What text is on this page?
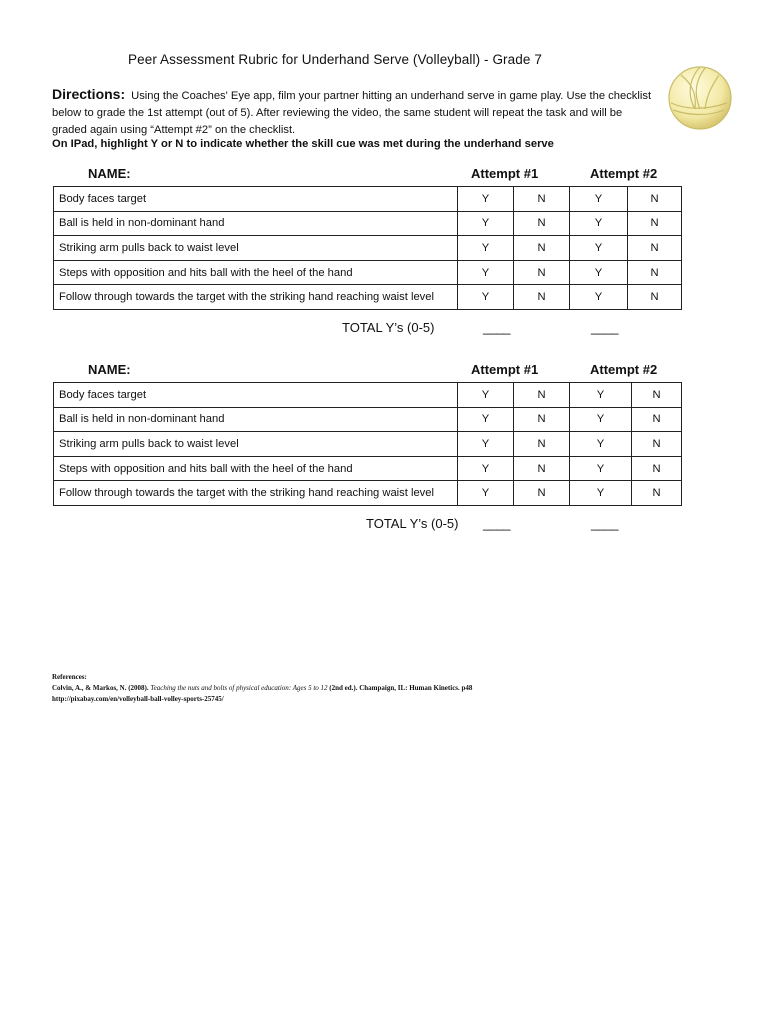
Peer Assessment Rubric for Underhand Serve (Volleyball) - Grade 7
Directions: Using the Coaches' Eye app, film your partner hitting an underhand serve in game play. Use the checklist below to grade the 1st attempt (out of 5). After reviewing the video, the same student will repeat the task and will be graded again using “Attempt #2” on the checklist.
On IPad, highlight Y or N to indicate whether the skill cue was met during the underhand serve
NAME:	Attempt #1	Attempt #2
Body faces target	Y	N	Y	N
Ball is held in non-dominant hand	Y	N	Y	N
Striking arm pulls back to waist level	Y	N	Y	N
Steps with opposition and hits ball with the heel of the hand	Y	N	Y	N
Follow through towards the target with the striking hand reaching waist level	Y	N	Y	N
TOTAL Y’s (0-5)	____	____
NAME:	Attempt #1	Attempt #2
Body faces target	Y	N	Y	N
Ball is held in non-dominant hand	Y	N	Y	N
Striking arm pulls back to waist level	Y	N	Y	N
Steps with opposition and hits ball with the heel of the hand	Y	N	Y	N
Follow through towards the target with the striking hand reaching waist level	Y	N	Y	N
TOTAL Y’s (0-5) ____	____
References:
Colvin, A., & Markos, N. (2008). Teaching the nuts and bolts of physical education: Ages 5 to 12 (2nd ed.). Champaign, IL: Human Kinetics. p48
http://pixabay.com/en/volleyball-ball-volley-sports-25745/
